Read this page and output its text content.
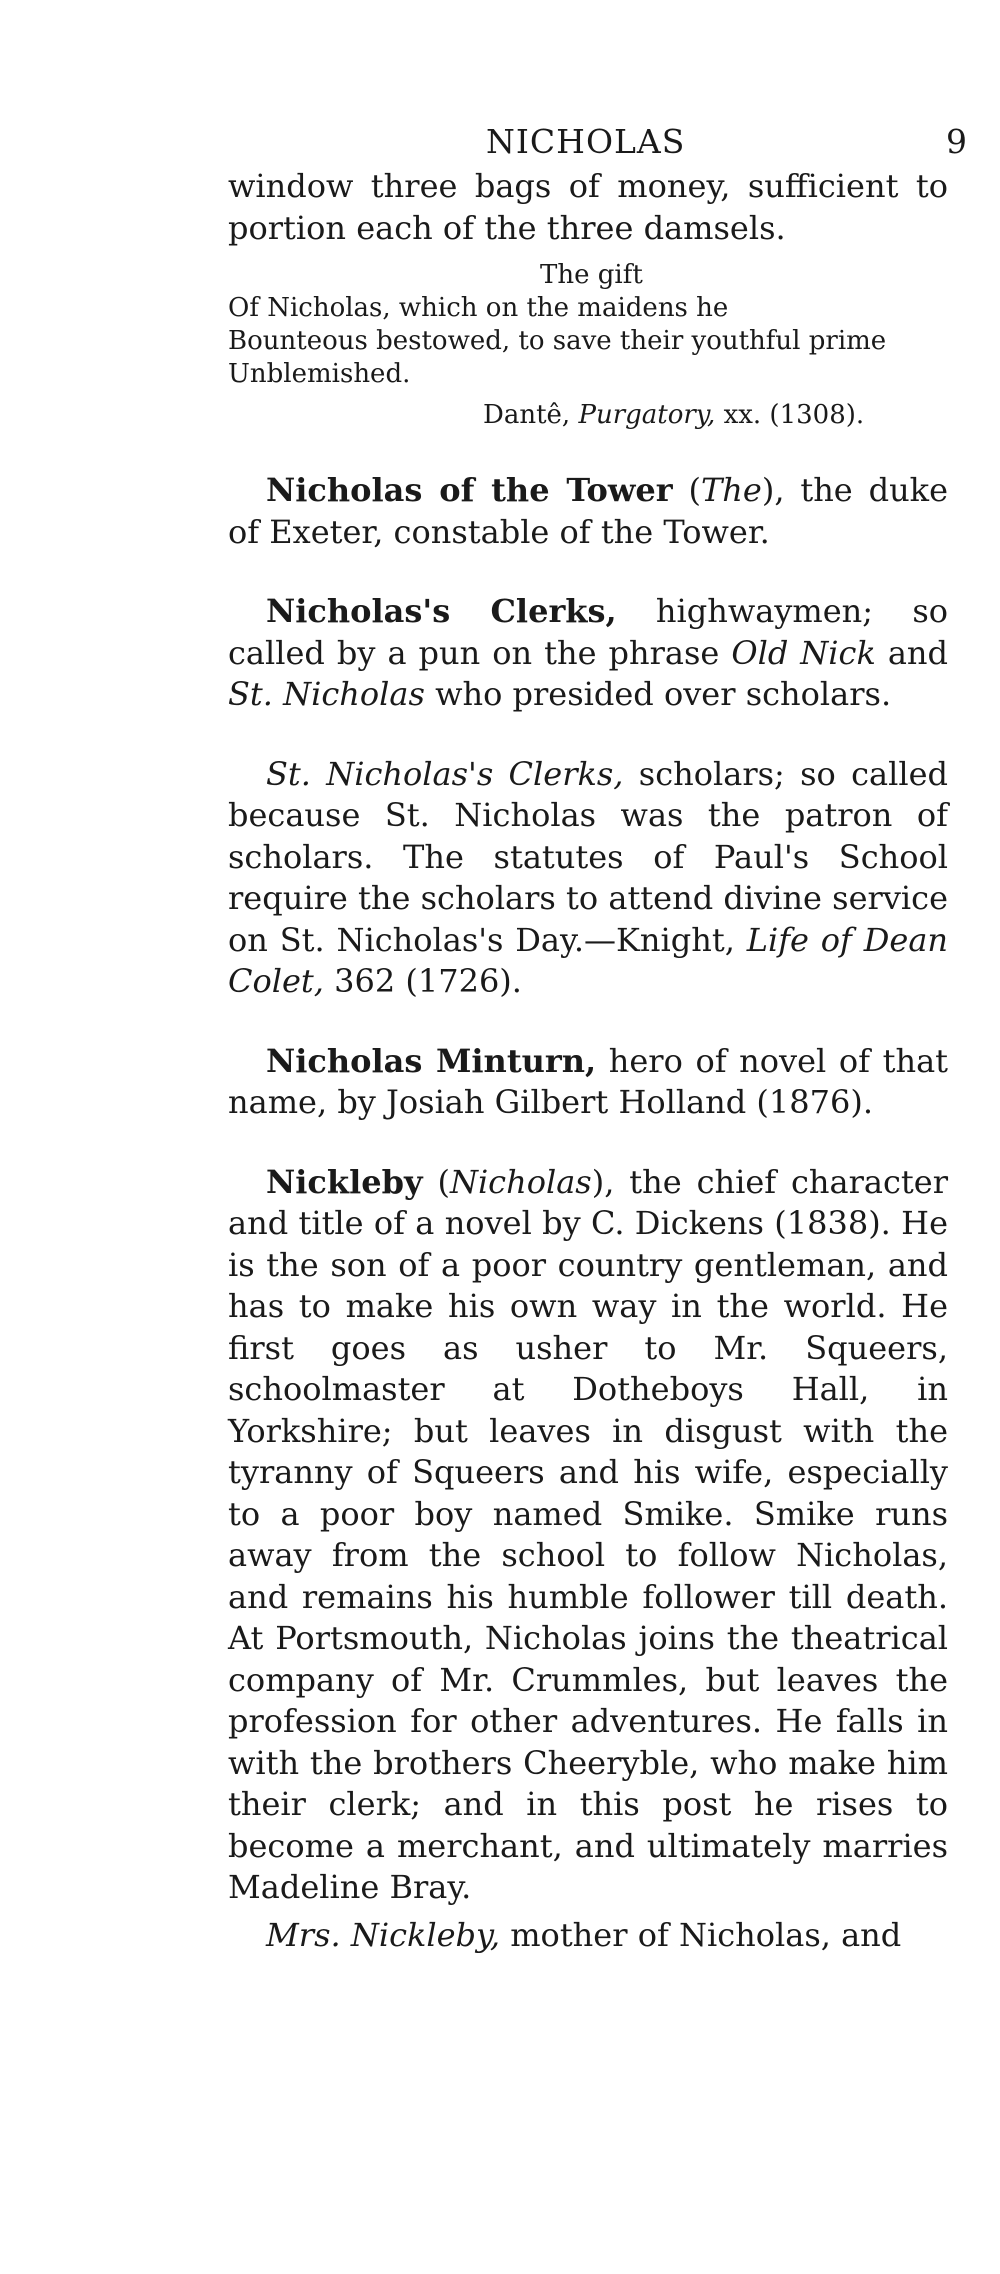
NICHOLAS	9

window three bags of money, sufficient to portion each of the three damsels.

The gift
Of Nicholas, which on the maidens he
Bounteous bestowed, to save their youthful prime
Unblemished.
Dantê, Purgatory, xx. (1308).

Nicholas of the Tower (The), the duke of Exeter, constable of the Tower.

Nicholas's Clerks, highwaymen; so called by a pun on the phrase Old Nick and St. Nicholas who presided over scholars.

St. Nicholas's Clerks, scholars; so called because St. Nicholas was the patron of scholars. The statutes of Paul's School require the scholars to attend divine service on St. Nicholas's Day.—Knight, Life of Dean Colet, 362 (1726).

Nicholas Minturn, hero of novel of that name, by Josiah Gilbert Holland (1876).

Nickleby (Nicholas), the chief character and title of a novel by C. Dickens (1838). He is the son of a poor country gentleman, and has to make his own way in the world. He first goes as usher to Mr. Squeers, schoolmaster at Dotheboys Hall, in Yorkshire; but leaves in disgust with the tyranny of Squeers and his wife, especially to a poor boy named Smike. Smike runs away from the school to follow Nicholas, and remains his humble follower till death. At Portsmouth, Nicholas joins the theatrical company of Mr. Crummles, but leaves the profession for other adventures. He falls in with the brothers Cheeryble, who make him their clerk; and in this post he rises to become a merchant, and ultimately marries Madeline Bray.

Mrs. Nickleby, mother of Nicholas, and
